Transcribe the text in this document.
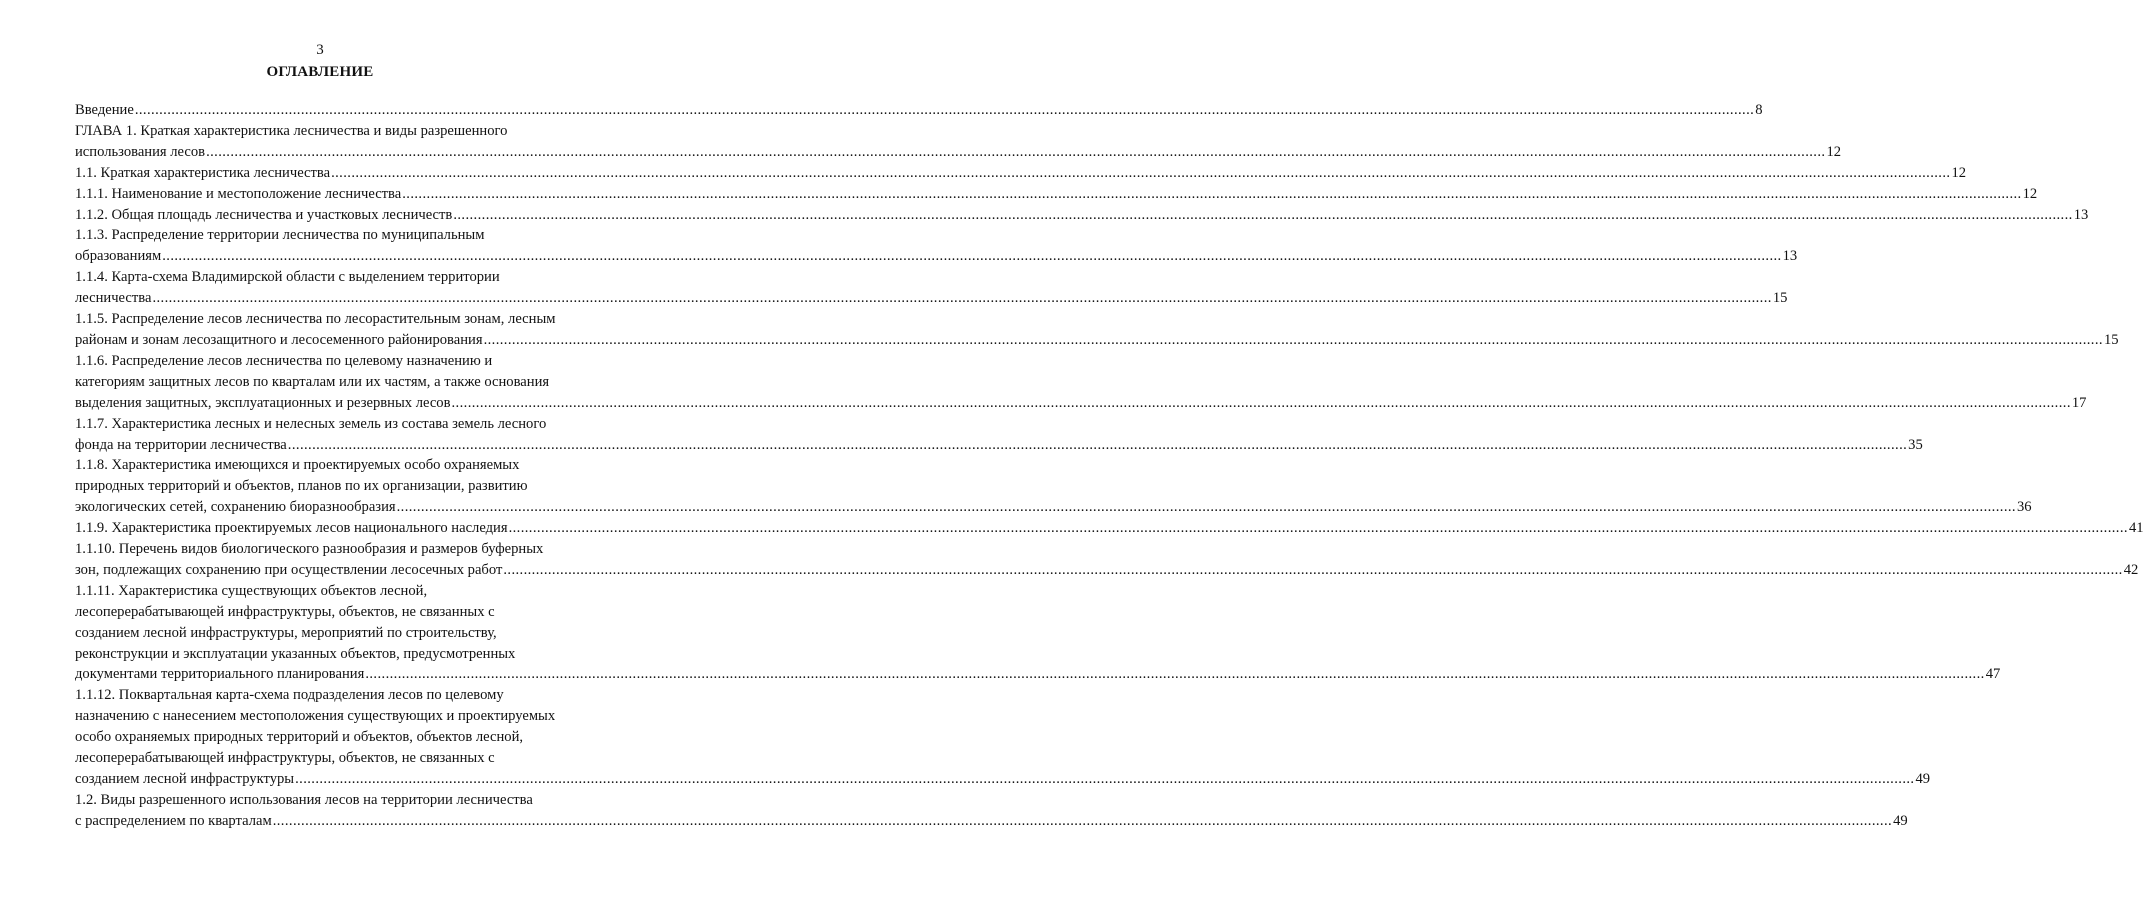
3
ОГЛАВЛЕНИЕ
Введение ................................................................................................................................................................................................................................................................................................................................................................................................................ 8
ГЛАВА 1. Краткая характеристика лесничества и виды разрешенного
использования лесов ................................................................................................................................................................................................................................................................................................................................................................................................................ 12
1.1. Краткая характеристика лесничества ................................................................................................................................................................................................................................................................................................................................................................................................................ 12
1.1.1. Наименование и местоположение лесничества ................................................................................................................................................................................................................................................................................................................................................................................................................ 12
1.1.2. Общая площадь лесничества и участковых лесничеств ................................................................................................................................................................................................................................................................................................................................................................................................................ 13
1.1.3. Распределение территории лесничества по муниципальным
образованиям ................................................................................................................................................................................................................................................................................................................................................................................................................ 13
1.1.4. Карта-схема Владимирской области с выделением территории
лесничества ................................................................................................................................................................................................................................................................................................................................................................................................................ 15
1.1.5. Распределение лесов лесничества по лесорастительным зонам, лесным
районам и зонам лесозащитного и лесосеменного районирования ................................................................................................................................................................................................................................................................................................................................................................................................................ 15
1.1.6. Распределение лесов лесничества по целевому назначению и
категориям защитных лесов по кварталам или их частям, а также основания
выделения защитных, эксплуатационных и резервных лесов ................................................................................................................................................................................................................................................................................................................................................................................................................ 17
1.1.7. Характеристика лесных и нелесных земель из состава земель лесного
фонда на территории лесничества ................................................................................................................................................................................................................................................................................................................................................................................................................ 35
1.1.8. Характеристика имеющихся и проектируемых особо охраняемых
природных территорий и объектов, планов по их организации, развитию
экологических сетей, сохранению биоразнообразия ................................................................................................................................................................................................................................................................................................................................................................................................................ 36
1.1.9. Характеристика проектируемых лесов национального наследия ................................................................................................................................................................................................................................................................................................................................................................................................................ 41
1.1.10. Перечень видов биологического разнообразия и размеров буферных
зон, подлежащих сохранению при осуществлении лесосечных работ ................................................................................................................................................................................................................................................................................................................................................................................................................ 42
1.1.11. Характеристика существующих объектов лесной,
лесоперерабатывающей инфраструктуры, объектов, не связанных с
созданием лесной инфраструктуры, мероприятий по строительству,
реконструкции и эксплуатации указанных объектов, предусмотренных
документами территориального планирования ................................................................................................................................................................................................................................................................................................................................................................................................................ 47
1.1.12. Поквартальная карта-схема подразделения лесов по целевому
назначению с нанесением местоположения существующих и проектируемых
особо охраняемых природных территорий и объектов, объектов лесной,
лесоперерабатывающей инфраструктуры, объектов, не связанных с
созданием лесной инфраструктуры ................................................................................................................................................................................................................................................................................................................................................................................................................ 49
1.2. Виды разрешенного использования лесов на территории лесничества
с распределением по кварталам ................................................................................................................................................................................................................................................................................................................................................................................................................ 49
